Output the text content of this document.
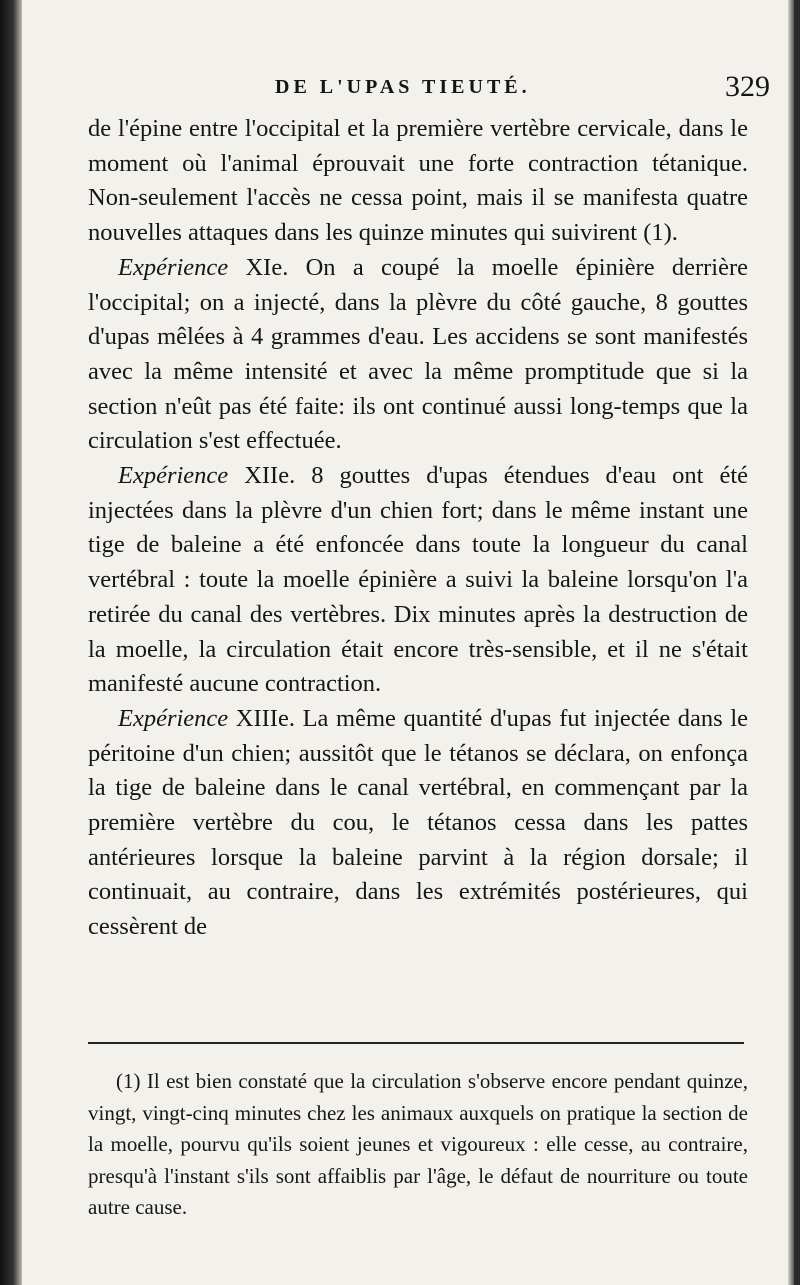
DE L'UPAS TIEUTÉ.	329

de l'épine entre l'occipital et la première vertèbre cervicale, dans le moment où l'animal éprouvait une forte contraction tétanique. Non-seulement l'accès ne cessa point, mais il se manifesta quatre nouvelles attaques dans les quinze minutes qui suivirent (1).

Expérience XIe. On a coupé la moelle épinière derrière l'occipital; on a injecté, dans la plèvre du côté gauche, 8 gouttes d'upas mêlées à 4 grammes d'eau. Les accidens se sont manifestés avec la même intensité et avec la même promptitude que si la section n'eût pas été faite: ils ont continué aussi long-temps que la circulation s'est effectuée.

Expérience XIIe. 8 gouttes d'upas étendues d'eau ont été injectées dans la plèvre d'un chien fort; dans le même instant une tige de baleine a été enfoncée dans toute la longueur du canal vertébral : toute la moelle épinière a suivi la baleine lorsqu'on l'a retirée du canal des vertèbres. Dix minutes après la destruction de la moelle, la circulation était encore très-sensible, et il ne s'était manifesté aucune contraction.

Expérience XIIIe. La même quantité d'upas fut injectée dans le péritoine d'un chien; aussitôt que le tétanos se déclara, on enfonça la tige de baleine dans le canal vertébral, en commençant par la première vertèbre du cou, le tétanos cessa dans les pattes antérieures lorsque la baleine parvint à la région dorsale; il continuait, au contraire, dans les extrémités postérieures, qui cessèrent de

(1) Il est bien constaté que la circulation s'observe encore pendant quinze, vingt, vingt-cinq minutes chez les animaux auxquels on pratique la section de la moelle, pourvu qu'ils soient jeunes et vigoureux : elle cesse, au contraire, presqu'à l'instant s'ils sont affaiblis par l'âge, le défaut de nourriture ou toute autre cause.
